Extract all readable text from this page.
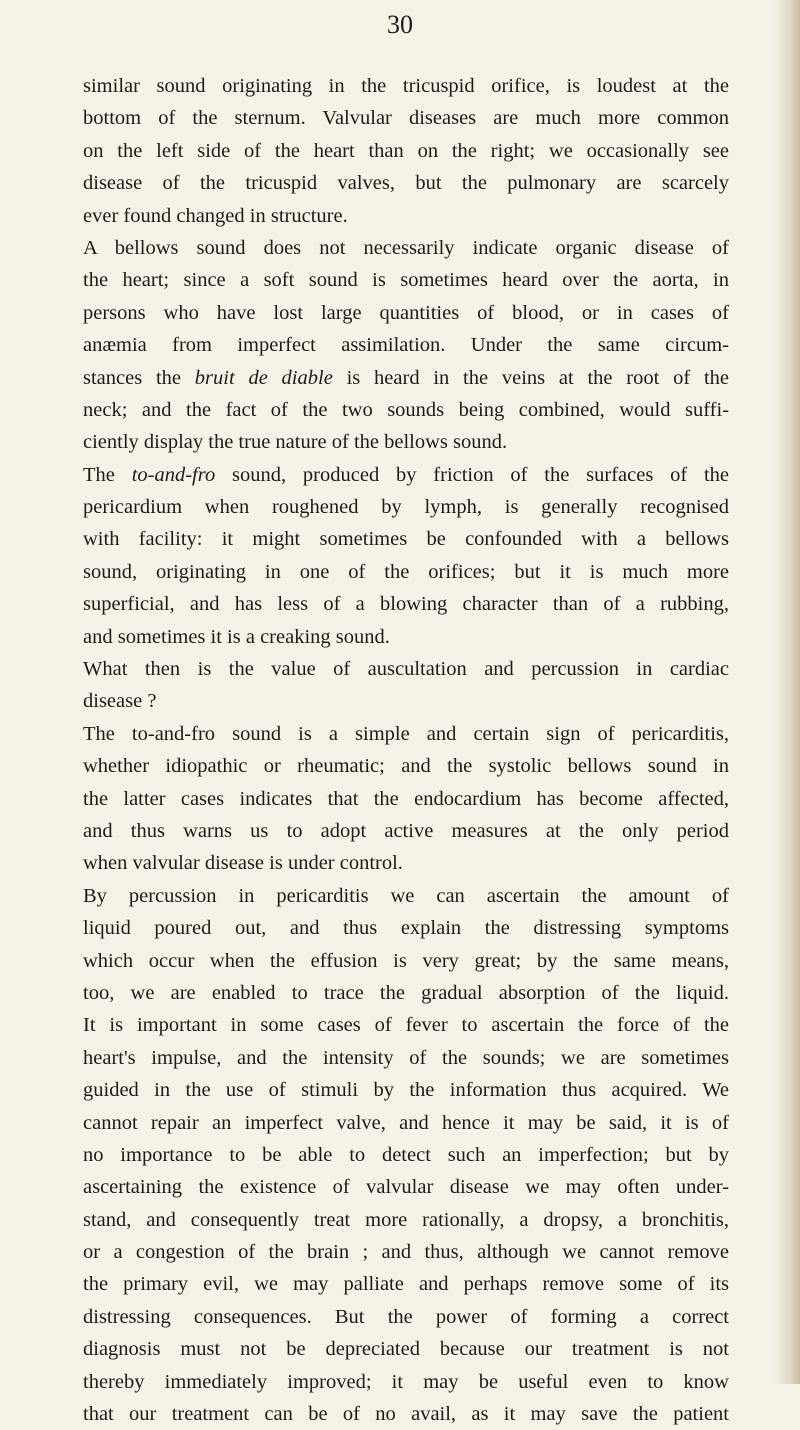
30
similar sound originating in the tricuspid orifice, is loudest at the
bottom of the sternum. Valvular diseases are much more common
on the left side of the heart than on the right; we occasionally see
disease of the tricuspid valves, but the pulmonary are scarcely
ever found changed in structure.
A bellows sound does not necessarily indicate organic disease of
the heart; since a soft sound is sometimes heard over the aorta, in
persons who have lost large quantities of blood, or in cases of
anæmia from imperfect assimilation. Under the same circum-
stances the bruit de diable is heard in the veins at the root of the
neck; and the fact of the two sounds being combined, would suffi-
ciently display the true nature of the bellows sound.
The to-and-fro sound, produced by friction of the surfaces of the
pericardium when roughened by lymph, is generally recognised
with facility: it might sometimes be confounded with a bellows
sound, originating in one of the orifices; but it is much more
superficial, and has less of a blowing character than of a rubbing,
and sometimes it is a creaking sound.
What then is the value of auscultation and percussion in cardiac
disease ?
The to-and-fro sound is a simple and certain sign of pericarditis,
whether idiopathic or rheumatic; and the systolic bellows sound in
the latter cases indicates that the endocardium has become affected,
and thus warns us to adopt active measures at the only period
when valvular disease is under control.
By percussion in pericarditis we can ascertain the amount of
liquid poured out, and thus explain the distressing symptoms
which occur when the effusion is very great; by the same means,
too, we are enabled to trace the gradual absorption of the liquid.
It is important in some cases of fever to ascertain the force of the
heart's impulse, and the intensity of the sounds; we are sometimes
guided in the use of stimuli by the information thus acquired. We
cannot repair an imperfect valve, and hence it may be said, it is of
no importance to be able to detect such an imperfection; but by
ascertaining the existence of valvular disease we may often under-
stand, and consequently treat more rationally, a dropsy, a bronchitis,
or a congestion of the brain ; and thus, although we cannot remove
the primary evil, we may palliate and perhaps remove some of its
distressing consequences. But the power of forming a correct
diagnosis must not be depreciated because our treatment is not
thereby immediately improved; it may be useful even to know
that our treatment can be of no avail, as it may save the patient
